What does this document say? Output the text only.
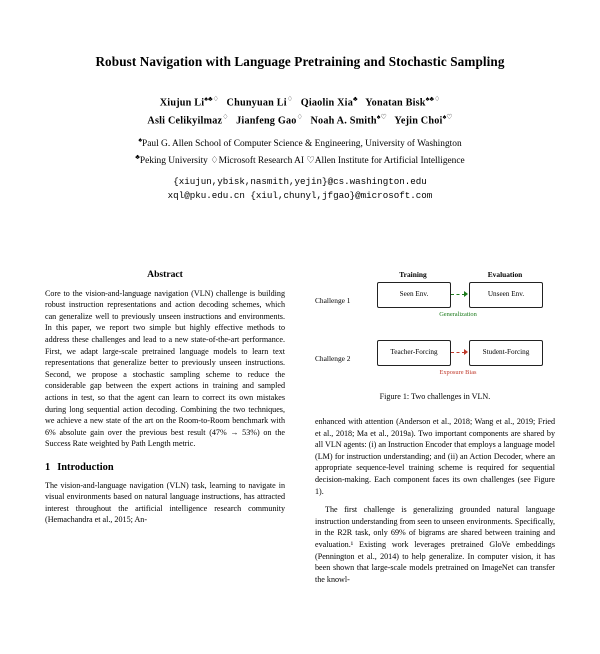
Robust Navigation with Language Pretraining and Stochastic Sampling
Xiujun Li♠♣♢ Chunyuan Li♢ Qiaolin Xia♣ Yonatan Bisk♠♣♢
Asli Celikyilmaz♢ Jianfeng Gao♢ Noah A. Smith♠♡ Yejin Choi♠♡
♠Paul G. Allen School of Computer Science & Engineering, University of Washington
♣Peking University ♢Microsoft Research AI ♡Allen Institute for Artificial Intelligence
{xiujun,ybisk,nasmith,yejin}@cs.washington.edu
xql@pku.edu.cn {xiul,chunyl,jfgao}@microsoft.com
Abstract

Core to the vision-and-language navigation (VLN) challenge is building robust instruction representations and action decoding schemes, which can generalize well to previously unseen instructions and environments. In this paper, we report two simple but highly effective methods to address these challenges and lead to a new state-of-the-art performance. First, we adapt large-scale pretrained language models to learn text representations that generalize better to previously unseen instructions. Second, we propose a stochastic sampling scheme to reduce the considerable gap between the expert actions in training and sampled actions in test, so that the agent can learn to correct its own mistakes during long sequential action decoding. Combining the two techniques, we achieve a new state of the art on the Room-to-Room benchmark with 6% absolute gain over the previous best result (47% → 53%) on the Success Rate weighted by Path Length metric.

1 Introduction

The vision-and-language navigation (VLN) task, learning to navigate in visual environments based on natural language instructions, has attracted interest throughout the artificial intelligence research community (Hemachandra et al., 2015; An-

Training	Evaluation
Challenge 1
Challenge 2
Seen Env.	Unseen Env.
Generalization
Teacher-Forcing	Student-Forcing
Exposure Bias
Figure 1: Two challenges in VLN.

enhanced with attention (Anderson et al., 2018; Wang et al., 2019; Fried et al., 2018; Ma et al., 2019a). Two important components are shared by all VLN agents: (i) an Instruction Encoder that employs a language model (LM) for instruction understanding; and (ii) an Action Decoder, where an appropriate sequence-level training scheme is required for sequential decision-making. Each component faces its own challenges (see Figure 1).

The first challenge is generalizing grounded natural language instruction understanding from seen to unseen environments. Specifically, in the R2R task, only 69% of bigrams are shared between training and evaluation.¹ Existing work leverages pretrained GloVe embeddings (Pennington et al., 2014) to help generalize. In computer vision, it has been shown that large-scale models pretrained on ImageNet can transfer the knowl-
